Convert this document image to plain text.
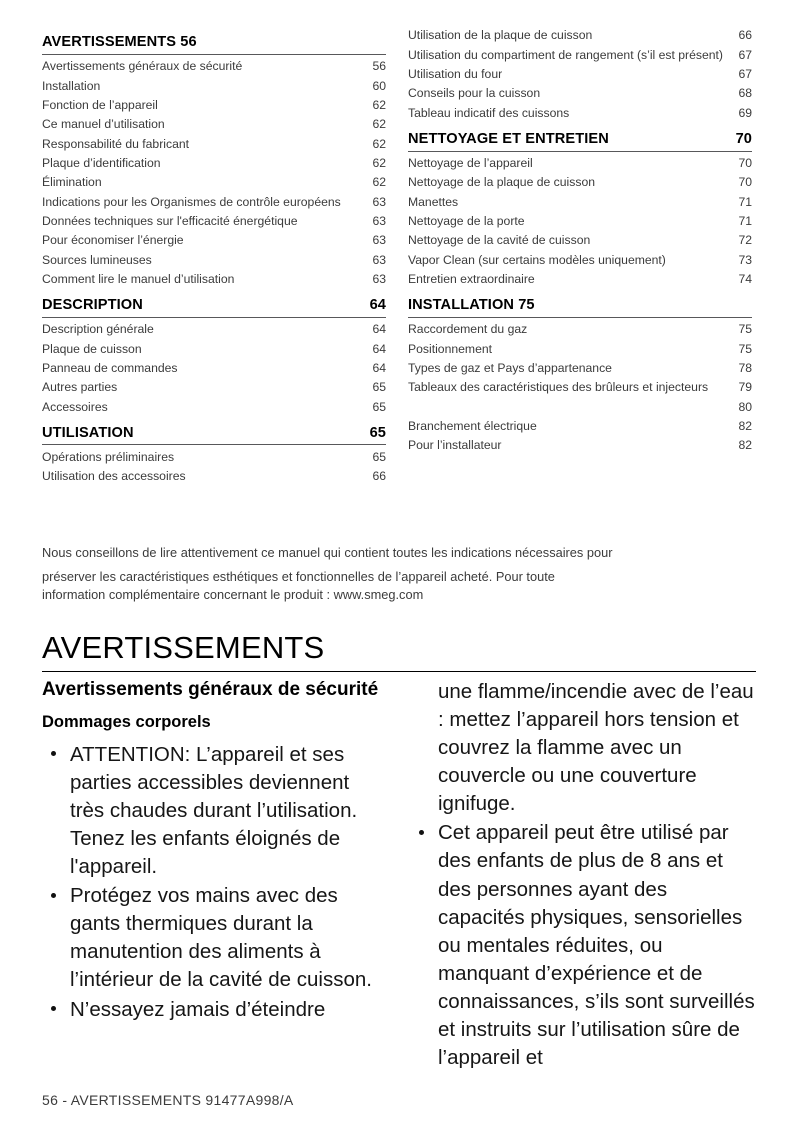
AVERTISSEMENTS 56
Avertissements généraux de sécurité	56
Installation	60
Fonction de l’appareil	62
Ce manuel d’utilisation	62
Responsabilité du fabricant	62
Plaque d’identification	62
Élimination	62
Indications pour les Organismes de contrôle européens	63
Données techniques sur l'efficacité énergétique	63
Pour économiser l’énergie	63
Sources lumineuses	63
Comment lire le manuel d’utilisation	63
DESCRIPTION	64
Description générale	64
Plaque de cuisson	64
Panneau de commandes	64
Autres parties	65
Accessoires	65
UTILISATION	65
Opérations préliminaires	65
Utilisation des accessoires	66
Utilisation de la plaque de cuisson	66
Utilisation du compartiment de rangement (s’il est présent)	67
Utilisation du four	67
Conseils pour la cuisson	68
Tableau indicatif des cuissons	69
NETTOYAGE ET ENTRETIEN	70
Nettoyage de l’appareil	70
Nettoyage de la plaque de cuisson	70
Manettes	71
Nettoyage de la porte	71
Nettoyage de la cavité de cuisson	72
Vapor Clean (sur certains modèles uniquement)	73
Entretien extraordinaire	74
INSTALLATION 75
Raccordement du gaz	75
Positionnement	75
Types de gaz et Pays d’appartenance	78
Tableaux des caractéristiques des brûleurs et injecteurs	79
80
Branchement électrique	82
Pour l’installateur	82

Nous conseillons de lire attentivement ce manuel qui contient toutes les indications nécessaires pour

préserver les caractéristiques esthétiques et fonctionnelles de l’appareil acheté. Pour toute

information complémentaire concernant le produit : www.smeg.com

AVERTISSEMENTS
Avertissements généraux de sécurité
Dommages corporels
ATTENTION: L’appareil et ses parties accessibles deviennent très chaudes durant l’utilisation. Tenez les enfants éloignés de l'appareil.
Protégez vos mains avec des gants thermiques durant la manutention des aliments à l’intérieur de la cavité de cuisson.
N’essayez jamais d’éteindre

une flamme/incendie avec de l’eau : mettez l’appareil hors tension et couvrez la flamme avec un couvercle ou une couverture ignifuge.

Cet appareil peut être utilisé par des enfants de plus de 8 ans et des personnes ayant des capacités physiques, sensorielles ou mentales réduites, ou manquant d’expérience et de connaissances, s’ils sont surveillés et instruits sur l’utilisation sûre de l’appareil et
56 - AVERTISSEMENTS 91477A998/A
